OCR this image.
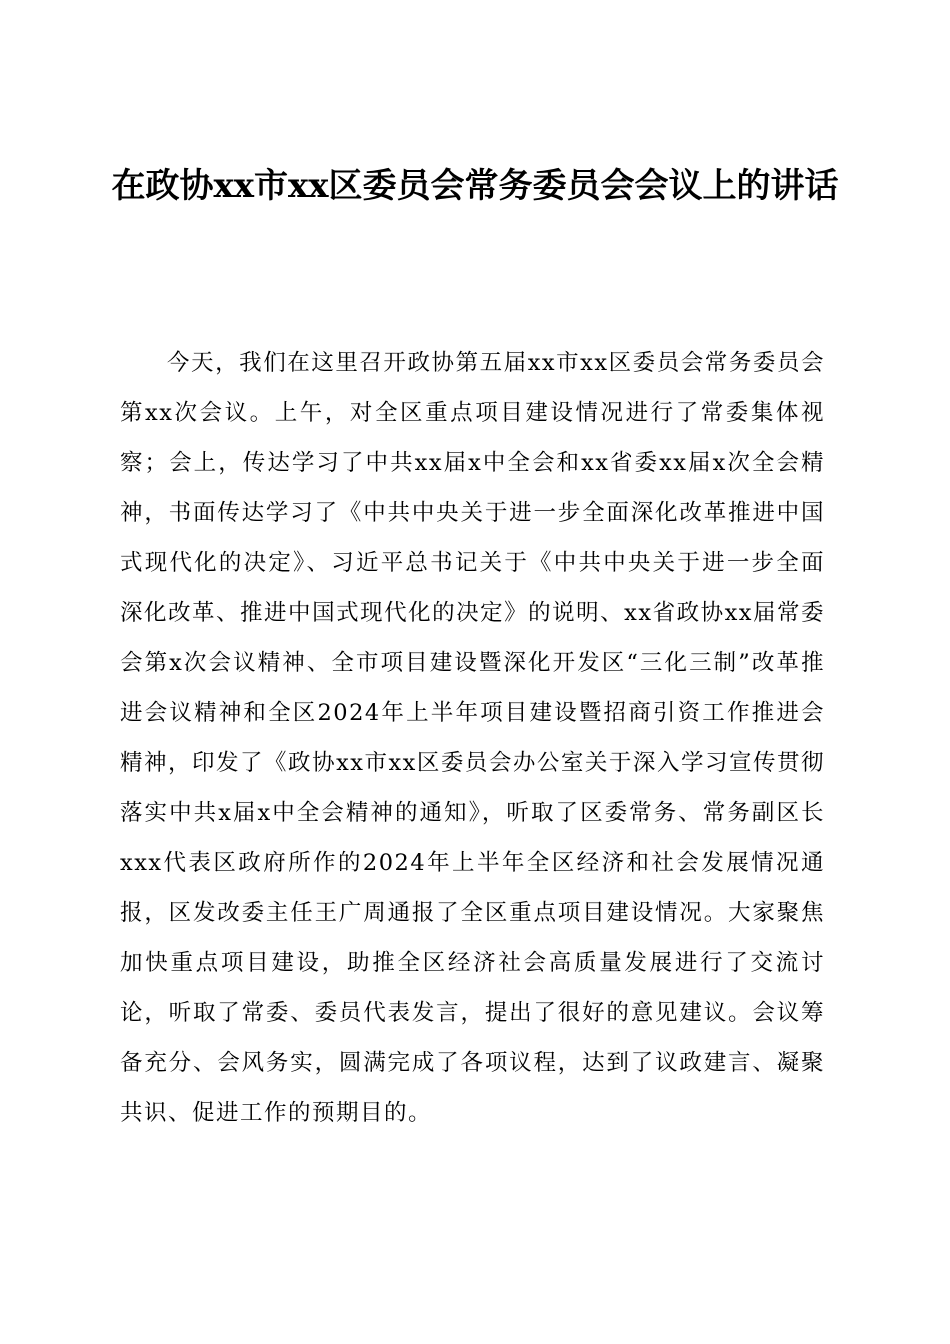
在政协xx市xx区委员会常务委员会会议上的讲话

今天，我们在这里召开政协第五届xx市xx区委员会常务委员会第xx次会议。上午，对全区重点项目建设情况进行了常委集体视察；会上，传达学习了中共xx届x中全会和xx省委xx届x次全会精神，书面传达学习了《中共中央关于进一步全面深化改革推进中国式现代化的决定》、习近平总书记关于《中共中央关于进一步全面深化改革、推进中国式现代化的决定》的说明、xx省政协xx届常委会第x次会议精神、全市项目建设暨深化开发区“三化三制”改革推进会议精神和全区2024年上半年项目建设暨招商引资工作推进会精神，印发了《政协xx市xx区委员会办公室关于深入学习宣传贯彻落实中共x届x中全会精神的通知》，听取了区委常务、常务副区长xxx代表区政府所作的2024年上半年全区经济和社会发展情况通报，区发改委主任王广周通报了全区重点项目建设情况。大家聚焦加快重点项目建设，助推全区经济社会高质量发展进行了交流讨论，听取了常委、委员代表发言，提出了很好的意见建议。会议筹备充分、会风务实，圆满完成了各项议程，达到了议政建言、凝聚共识、促进工作的预期目的。
